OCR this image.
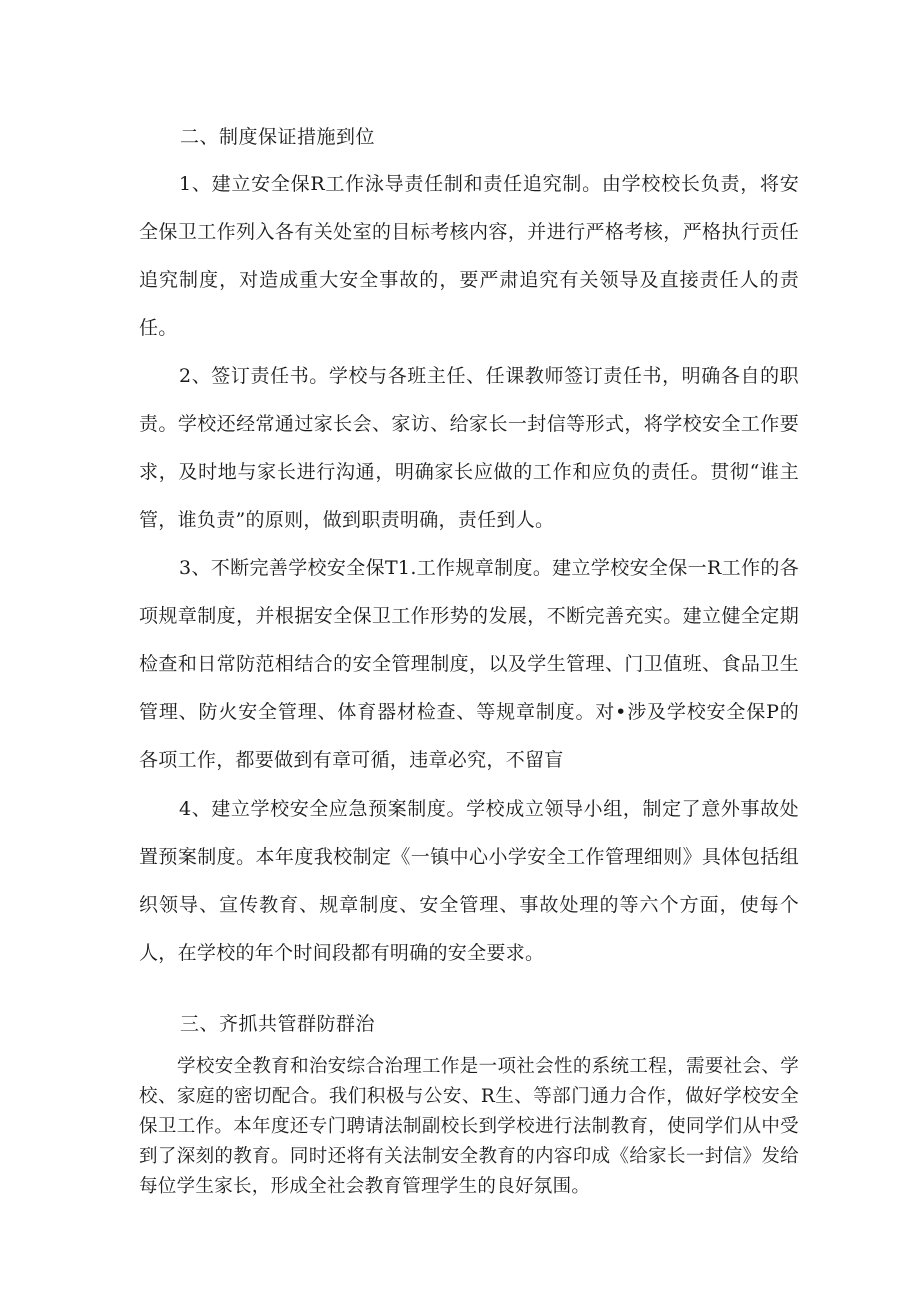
二、制度保证措施到位
1、建立安全保R工作泳导责任制和责任追究制。由学校校长负责，将安全保卫工作列入各有关处室的目标考核内容，并进行严格考核，严格执行贡任追究制度，对造成重大安全事故的，要严肃追究有关领导及直接责任人的责任。
2、签订责任书。学校与各班主任、任课教师签订责任书，明确各自的职责。学校还经常通过家长会、家访、给家长一封信等形式，将学校安全工作要求，及时地与家长进行沟通，明确家长应做的工作和应负的责任。贯彻“谁主管，谁负责”的原则，做到职责明确，责任到人。
3、不断完善学校安全保T1.工作规章制度。建立学校安全保一R工作的各项规章制度，并根据安全保卫工作形势的发展，不断完善充实。建立健全定期检查和日常防范相结合的安全管理制度，以及学生管理、门卫值班、食品卫生管理、防火安全管理、体育器材检查、等规章制度。对•涉及学校安全保P的各项工作，都要做到有章可循，违章必究，不留盲
4、建立学校安全应急预案制度。学校成立领导小组，制定了意外事故处置预案制度。本年度我校制定《一镇中心小学安全工作管理细则》具体包括组织领导、宣传教育、规章制度、安全管理、事故处理的等六个方面，使每个人，在学校的年个时间段都有明确的安全要求。
三、齐抓共管群防群治
学校安全教育和治安综合治理工作是一项社会性的系统工程，需要社会、学校、家庭的密切配合。我们积极与公安、R生、等部门通力合作，做好学校安全保卫工作。本年度还专门聘请法制副校长到学校进行法制教育，使同学们从中受到了深刻的教育。同时还将有关法制安全教育的内容印成《给家长一封信》发给每位学生家长，形成全社会教育管理学生的良好氛围。
